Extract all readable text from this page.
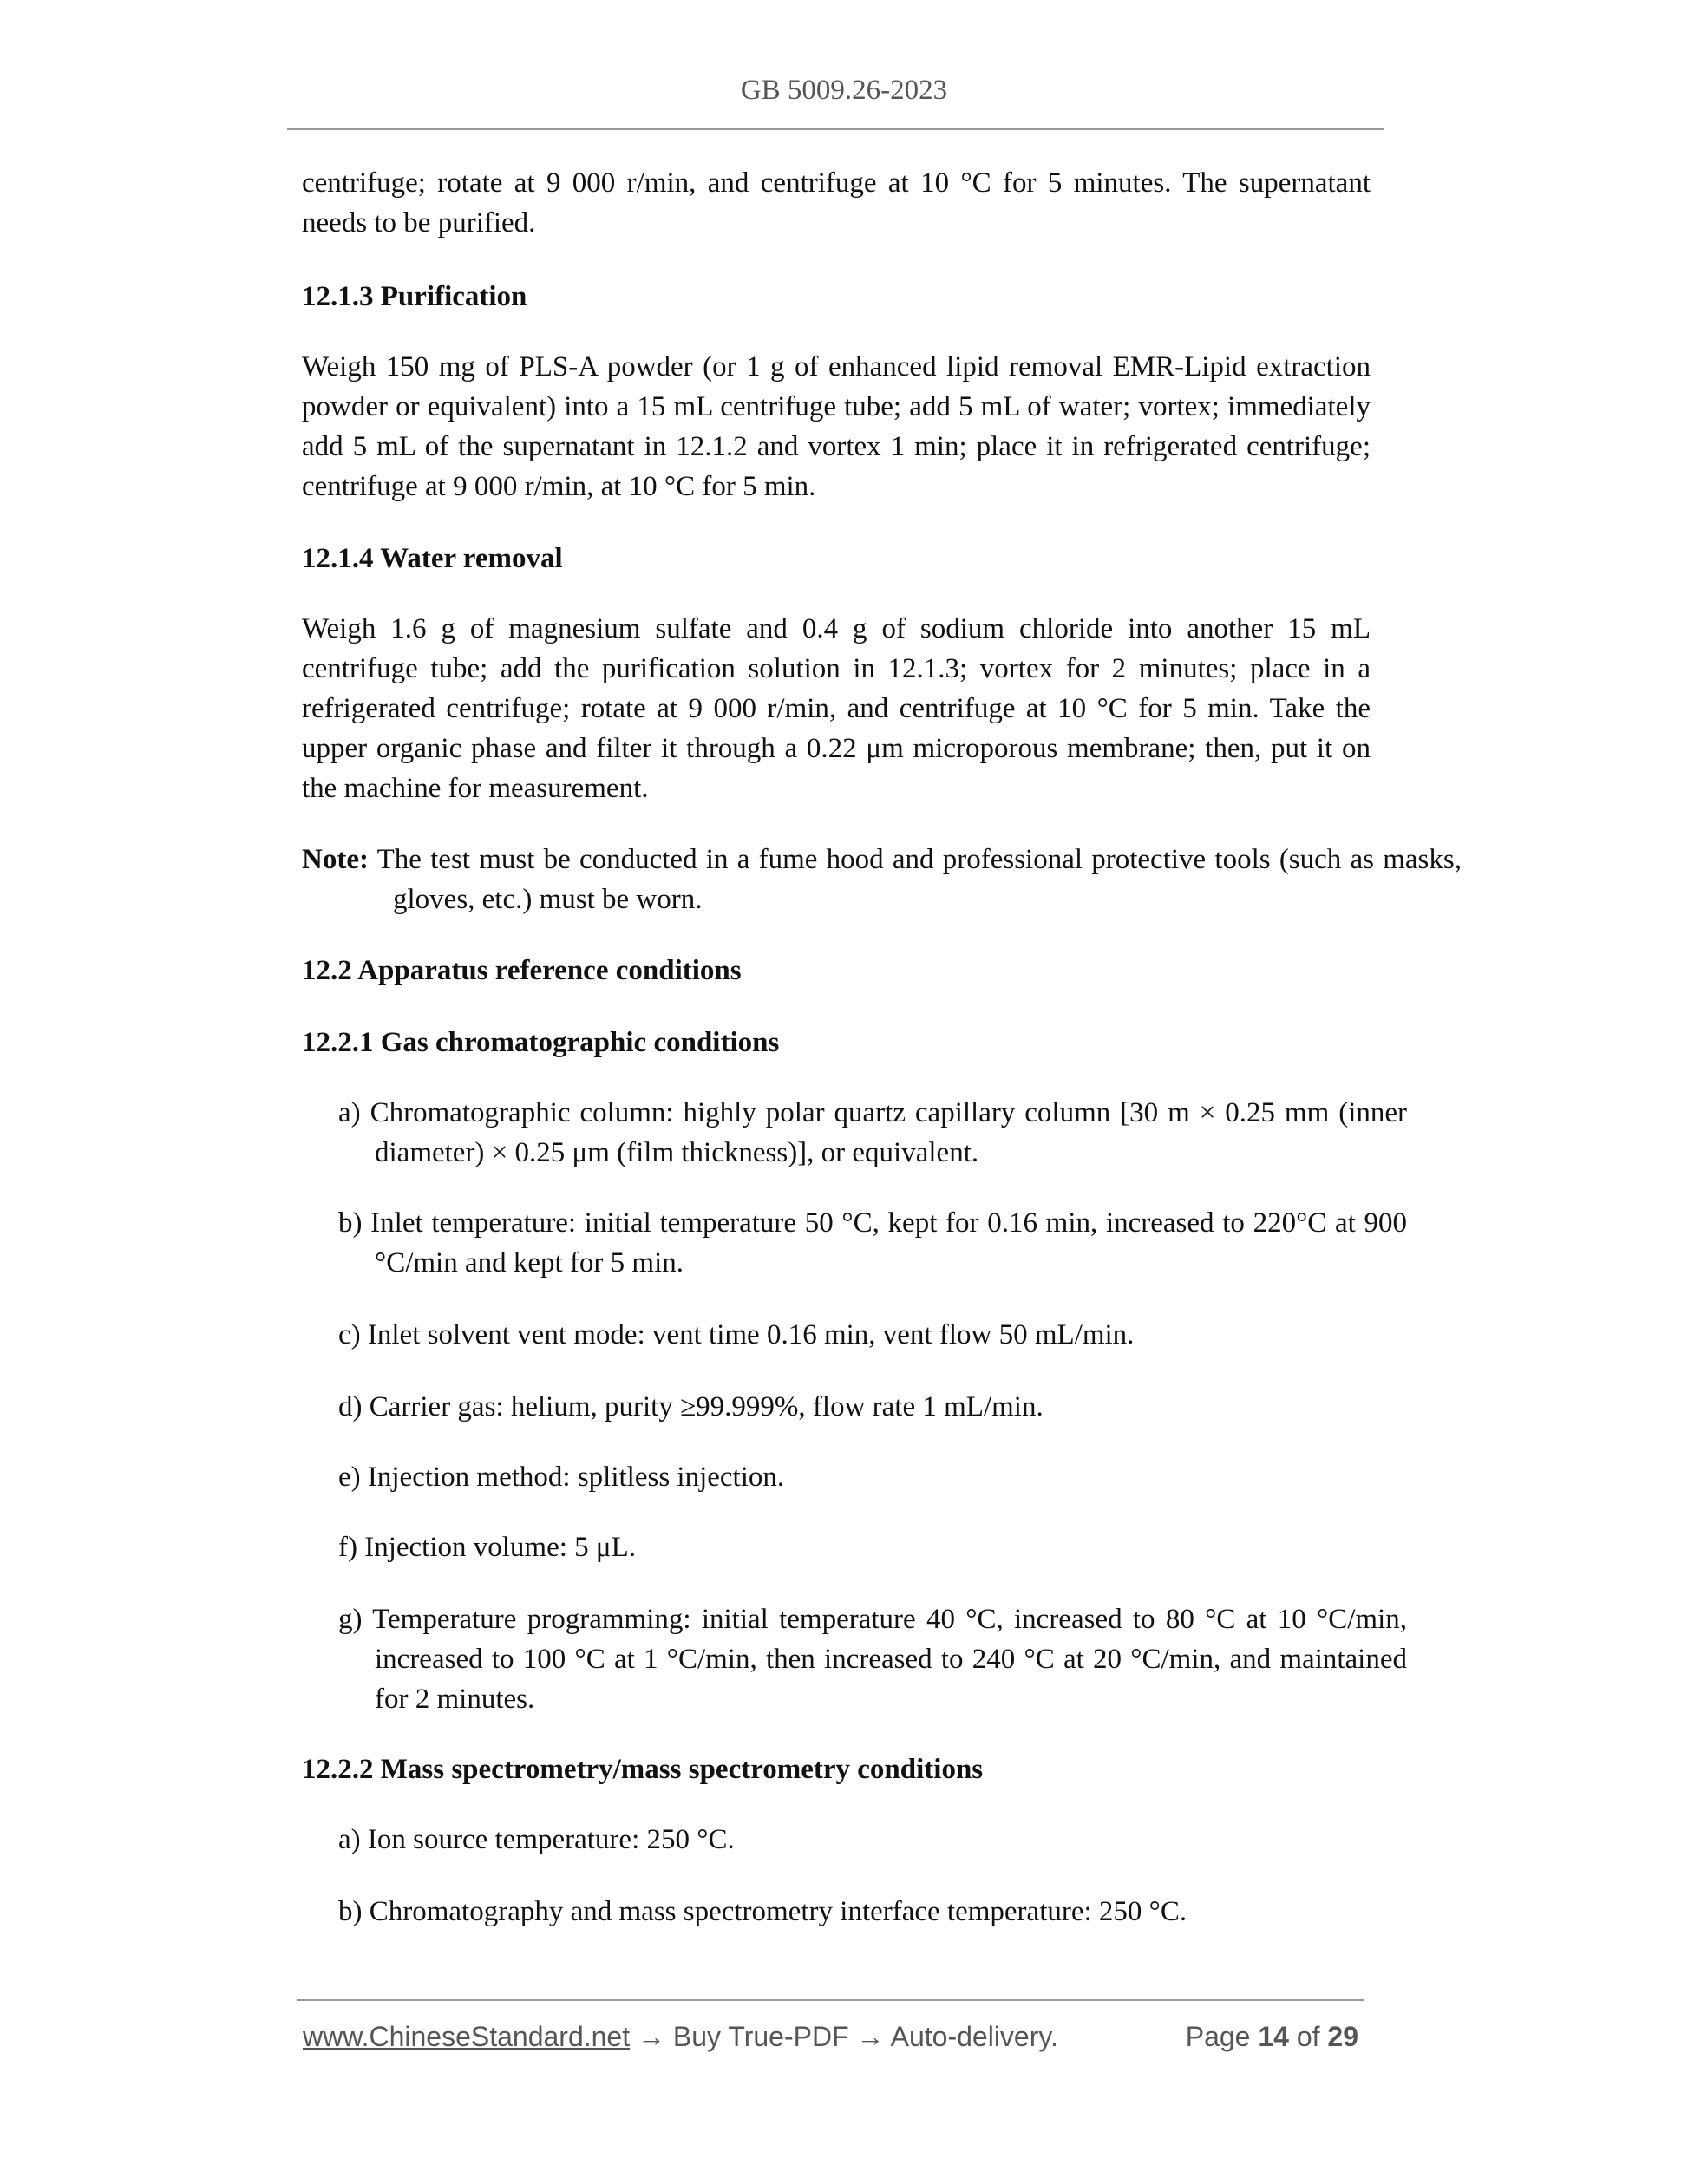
GB 5009.26-2023
centrifuge; rotate at 9 000 r/min, and centrifuge at 10 °C for 5 minutes. The supernatant needs to be purified.
12.1.3 Purification
Weigh 150 mg of PLS-A powder (or 1 g of enhanced lipid removal EMR-Lipid extraction powder or equivalent) into a 15 mL centrifuge tube; add 5 mL of water; vortex; immediately add 5 mL of the supernatant in 12.1.2 and vortex 1 min; place it in refrigerated centrifuge; centrifuge at 9 000 r/min, at 10 °C for 5 min.
12.1.4 Water removal
Weigh 1.6 g of magnesium sulfate and 0.4 g of sodium chloride into another 15 mL centrifuge tube; add the purification solution in 12.1.3; vortex for 2 minutes; place in a refrigerated centrifuge; rotate at 9 000 r/min, and centrifuge at 10 °C for 5 min. Take the upper organic phase and filter it through a 0.22 μm microporous membrane; then, put it on the machine for measurement.
Note: The test must be conducted in a fume hood and professional protective tools (such as masks, gloves, etc.) must be worn.
12.2 Apparatus reference conditions
12.2.1 Gas chromatographic conditions
a) Chromatographic column: highly polar quartz capillary column [30 m × 0.25 mm (inner diameter) × 0.25 μm (film thickness)], or equivalent.
b) Inlet temperature: initial temperature 50 °C, kept for 0.16 min, increased to 220°C at 900 °C/min and kept for 5 min.
c) Inlet solvent vent mode: vent time 0.16 min, vent flow 50 mL/min.
d) Carrier gas: helium, purity ≥99.999%, flow rate 1 mL/min.
e) Injection method: splitless injection.
f) Injection volume: 5 μL.
g) Temperature programming: initial temperature 40 °C, increased to 80 °C at 10 °C/min, increased to 100 °C at 1 °C/min, then increased to 240 °C at 20 °C/min, and maintained for 2 minutes.
12.2.2 Mass spectrometry/mass spectrometry conditions
a) Ion source temperature: 250 °C.
b) Chromatography and mass spectrometry interface temperature: 250 °C.
www.ChineseStandard.net → Buy True-PDF → Auto-delivery.	Page 14 of 29
